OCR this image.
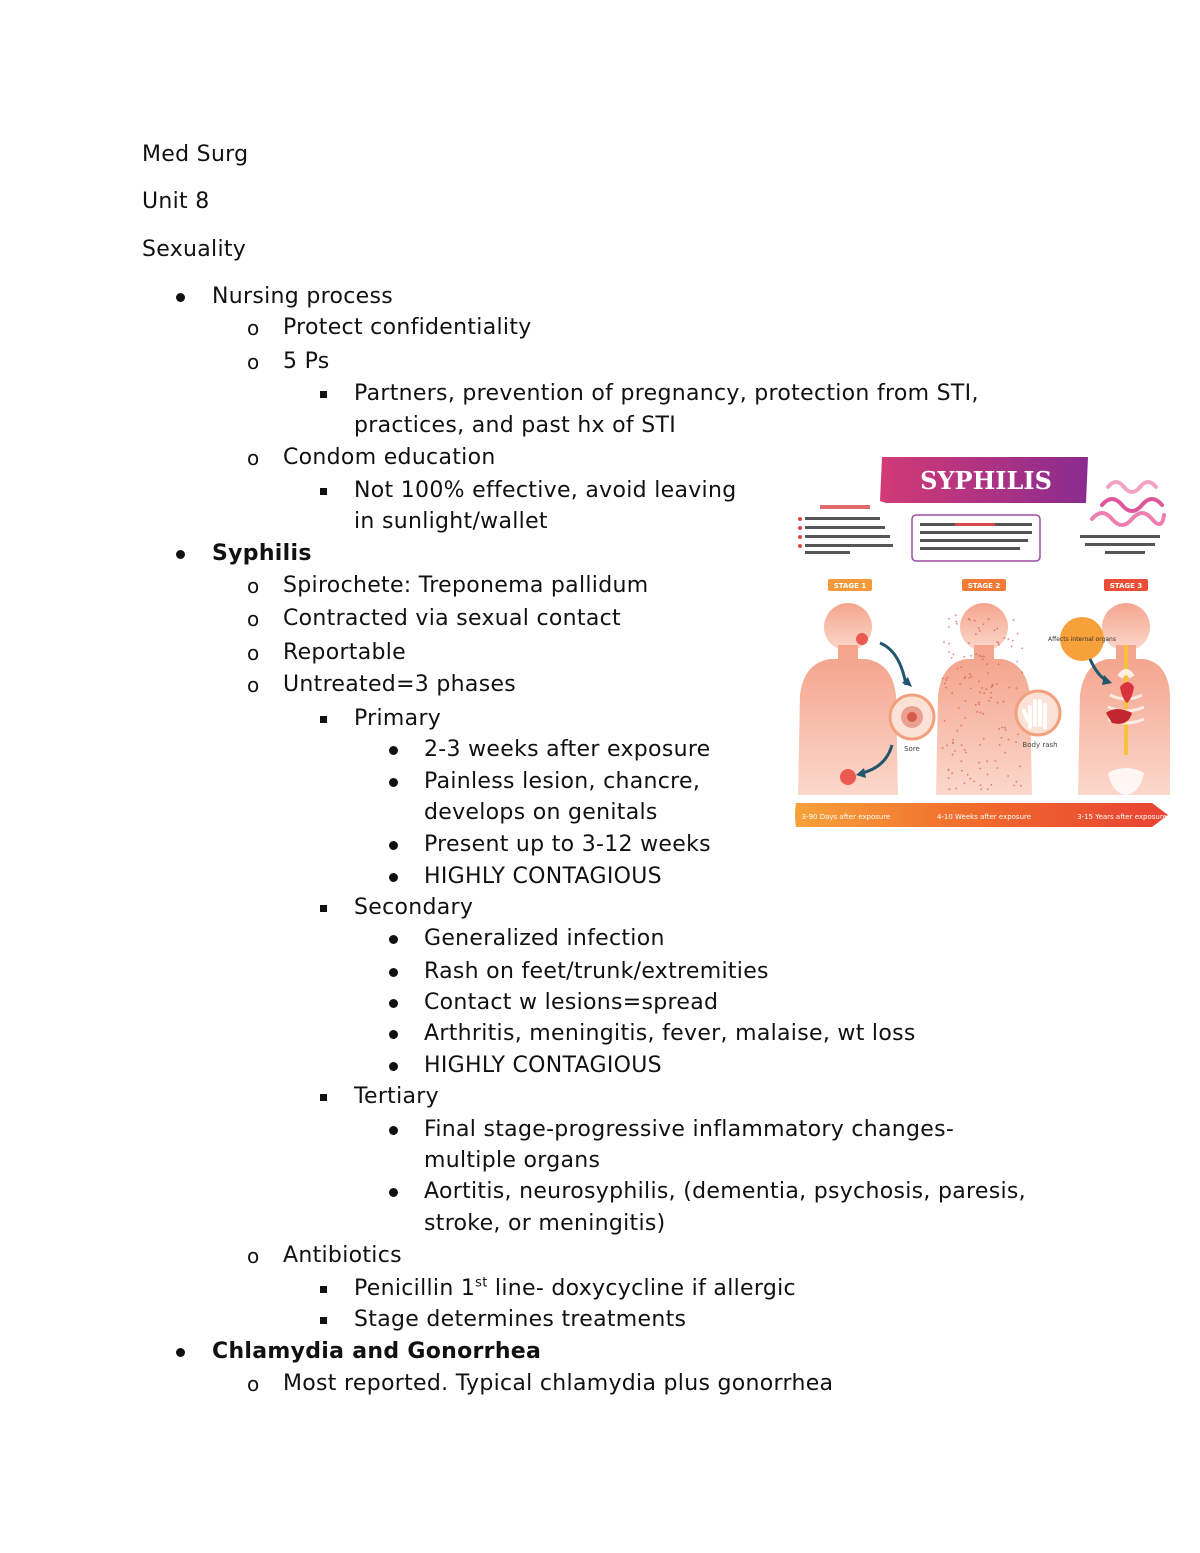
Med Surg
Unit 8
Sexuality
Nursing process
o Protect confidentiality
o 5 Ps
Partners, prevention of pregnancy, protection from STI,
practices, and past hx of STI
o Condom education
Not 100% effective, avoid leaving
in sunlight/wallet
Syphilis
o Spirochete: Treponema pallidum
o Contracted via sexual contact
o Reportable
o Untreated=3 phases
Primary
2-3 weeks after exposure
Painless lesion, chancre,
develops on genitals
Present up to 3-12 weeks
HIGHLY CONTAGIOUS
Secondary
Generalized infection
Rash on feet/trunk/extremities
Contact w lesions=spread
Arthritis, meningitis, fever, malaise, wt loss
HIGHLY CONTAGIOUS
Tertiary
Final stage-progressive inflammatory changes-
multiple organs
Aortitis, neurosyphilis, (dementia, psychosis, paresis,
stroke, or meningitis)
o Antibiotics
Penicillin 1st line- doxycycline if allergic
Stage determines treatments
Chlamydia and Gonorrhea
o Most reported. Typical chlamydia plus gonorrhea
SYPHILIS
STAGE 1	STAGE 2	STAGE 3
Sore	Body rash
Affects internal organs
3-90 Days after exposure	4-10 Weeks after exposure	3-15 Years after exposure
